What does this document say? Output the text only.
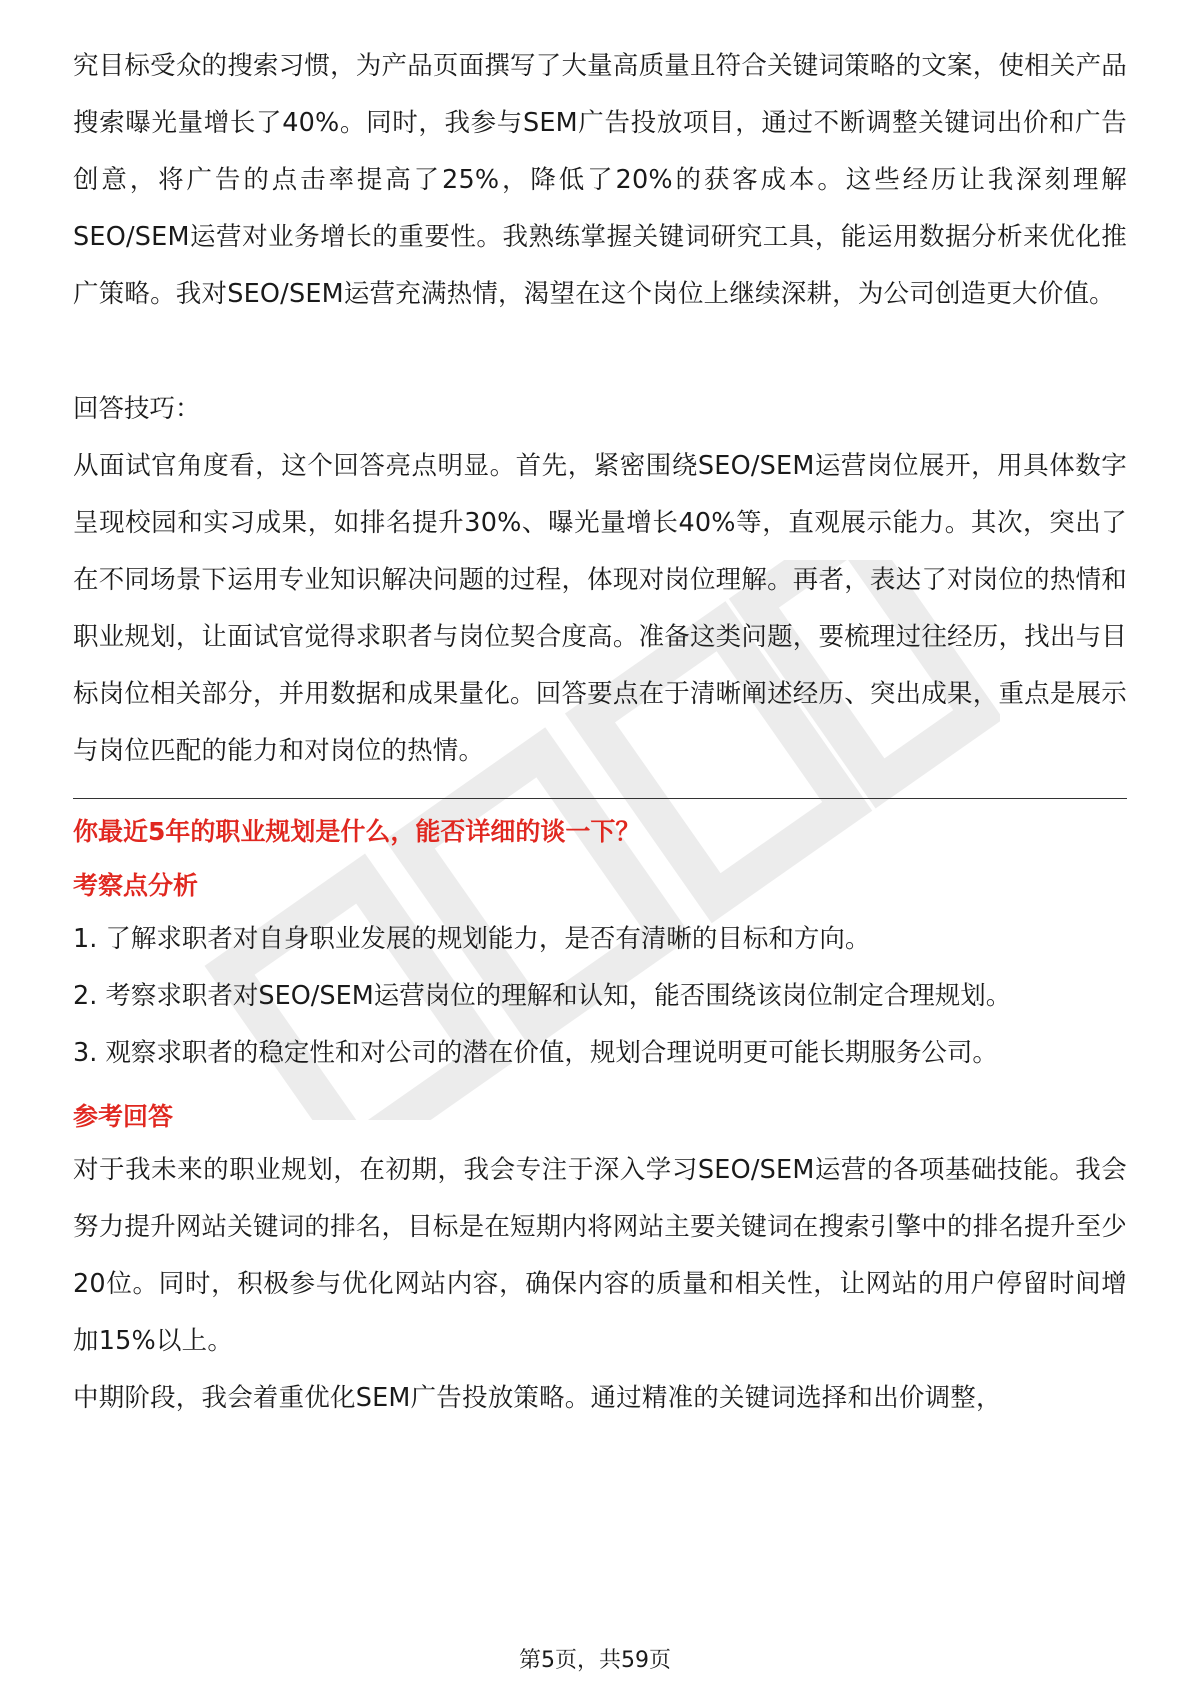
究目标受众的搜索习惯，为产品页面撰写了大量高质量且符合关键词策略的文案，使相关产品搜索曝光量增长了40%。同时，我参与SEM广告投放项目，通过不断调整关键词出价和广告创意，将广告的点击率提高了25%，降低了20%的获客成本。这些经历让我深刻理解SEO/SEM运营对业务增长的重要性。我熟练掌握关键词研究工具，能运用数据分析来优化推广策略。我对SEO/SEM运营充满热情，渴望在这个岗位上继续深耕，为公司创造更大价值。

回答技巧：

从面试官角度看，这个回答亮点明显。首先，紧密围绕SEO/SEM运营岗位展开，用具体数字呈现校园和实习成果，如排名提升30%、曝光量增长40%等，直观展示能力。其次，突出了在不同场景下运用专业知识解决问题的过程，体现对岗位理解。再者，表达了对岗位的热情和职业规划，让面试官觉得求职者与岗位契合度高。准备这类问题，要梳理过往经历，找出与目标岗位相关部分，并用数据和成果量化。回答要点在于清晰阐述经历、突出成果，重点是展示与岗位匹配的能力和对岗位的热情。

你最近5年的职业规划是什么，能否详细的谈一下？

考察点分析

1. 了解求职者对自身职业发展的规划能力，是否有清晰的目标和方向。

2. 考察求职者对SEO/SEM运营岗位的理解和认知，能否围绕该岗位制定合理规划。

3. 观察求职者的稳定性和对公司的潜在价值，规划合理说明更可能长期服务公司。

参考回答

对于我未来的职业规划，在初期，我会专注于深入学习SEO/SEM运营的各项基础技能。我会努力提升网站关键词的排名，目标是在短期内将网站主要关键词在搜索引擎中的排名提升至少20位。同时，积极参与优化网站内容，确保内容的质量和相关性，让网站的用户停留时间增加15%以上。

中期阶段，我会着重优化SEM广告投放策略。通过精准的关键词选择和出价调整，

第5页，共59页
